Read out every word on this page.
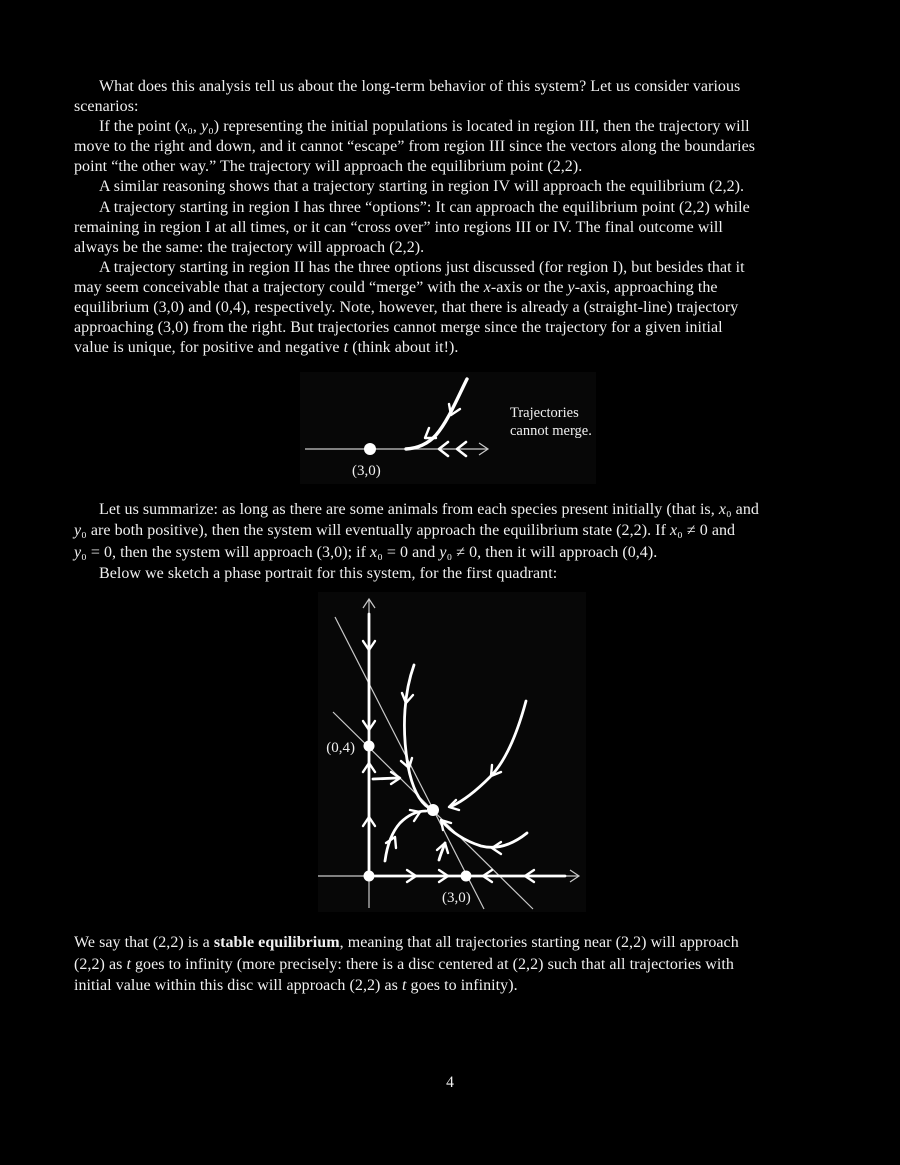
What does this analysis tell us about the long-term behavior of this system? Let us consider various
scenarios:
If the point (x₀, y₀) representing the initial populations is located in region III, then the trajectory will
move to the right and down, and it cannot “escape” from region III since the vectors along the boundaries
point “the other way.” The trajectory will approach the equilibrium point (2,2).
A similar reasoning shows that a trajectory starting in region IV will approach the equilibrium (2,2).
A trajectory starting in region I has three “options”: It can approach the equilibrium point (2,2) while
remaining in region I at all times, or it can “cross over” into regions III or IV. The final outcome will
always be the same: the trajectory will approach (2,2).
A trajectory starting in region II has the three options just discussed (for region I), but besides that it
may seem conceivable that a trajectory could “merge” with the x-axis or the y-axis, approaching the
equilibrium (3,0) and (0,4), respectively. Note, however, that there is already a (straight-line) trajectory
approaching (3,0) from the right. But trajectories cannot merge since the trajectory for a given initial
value is unique, for positive and negative t (think about it!).
Let us summarize: as long as there are some animals from each species present initially (that is, x₀ and
y₀ are both positive), then the system will eventually approach the equilibrium state (2,2). If x₀ ≠ 0 and
y₀ = 0, then the system will approach (3,0); if x₀ = 0 and y₀ ≠ 0, then it will approach (0,4).
Below we sketch a phase portrait for this system, for the first quadrant:
We say that (2,2) is a stable equilibrium, meaning that all trajectories starting near (2,2) will approach
(2,2) as t goes to infinity (more precisely: there is a disc centered at (2,2) such that all trajectories with
initial value within this disc will approach (2,2) as t goes to infinity).
(3,0)
Trajectories
cannot merge.
(0,4)
(3,0)
4
